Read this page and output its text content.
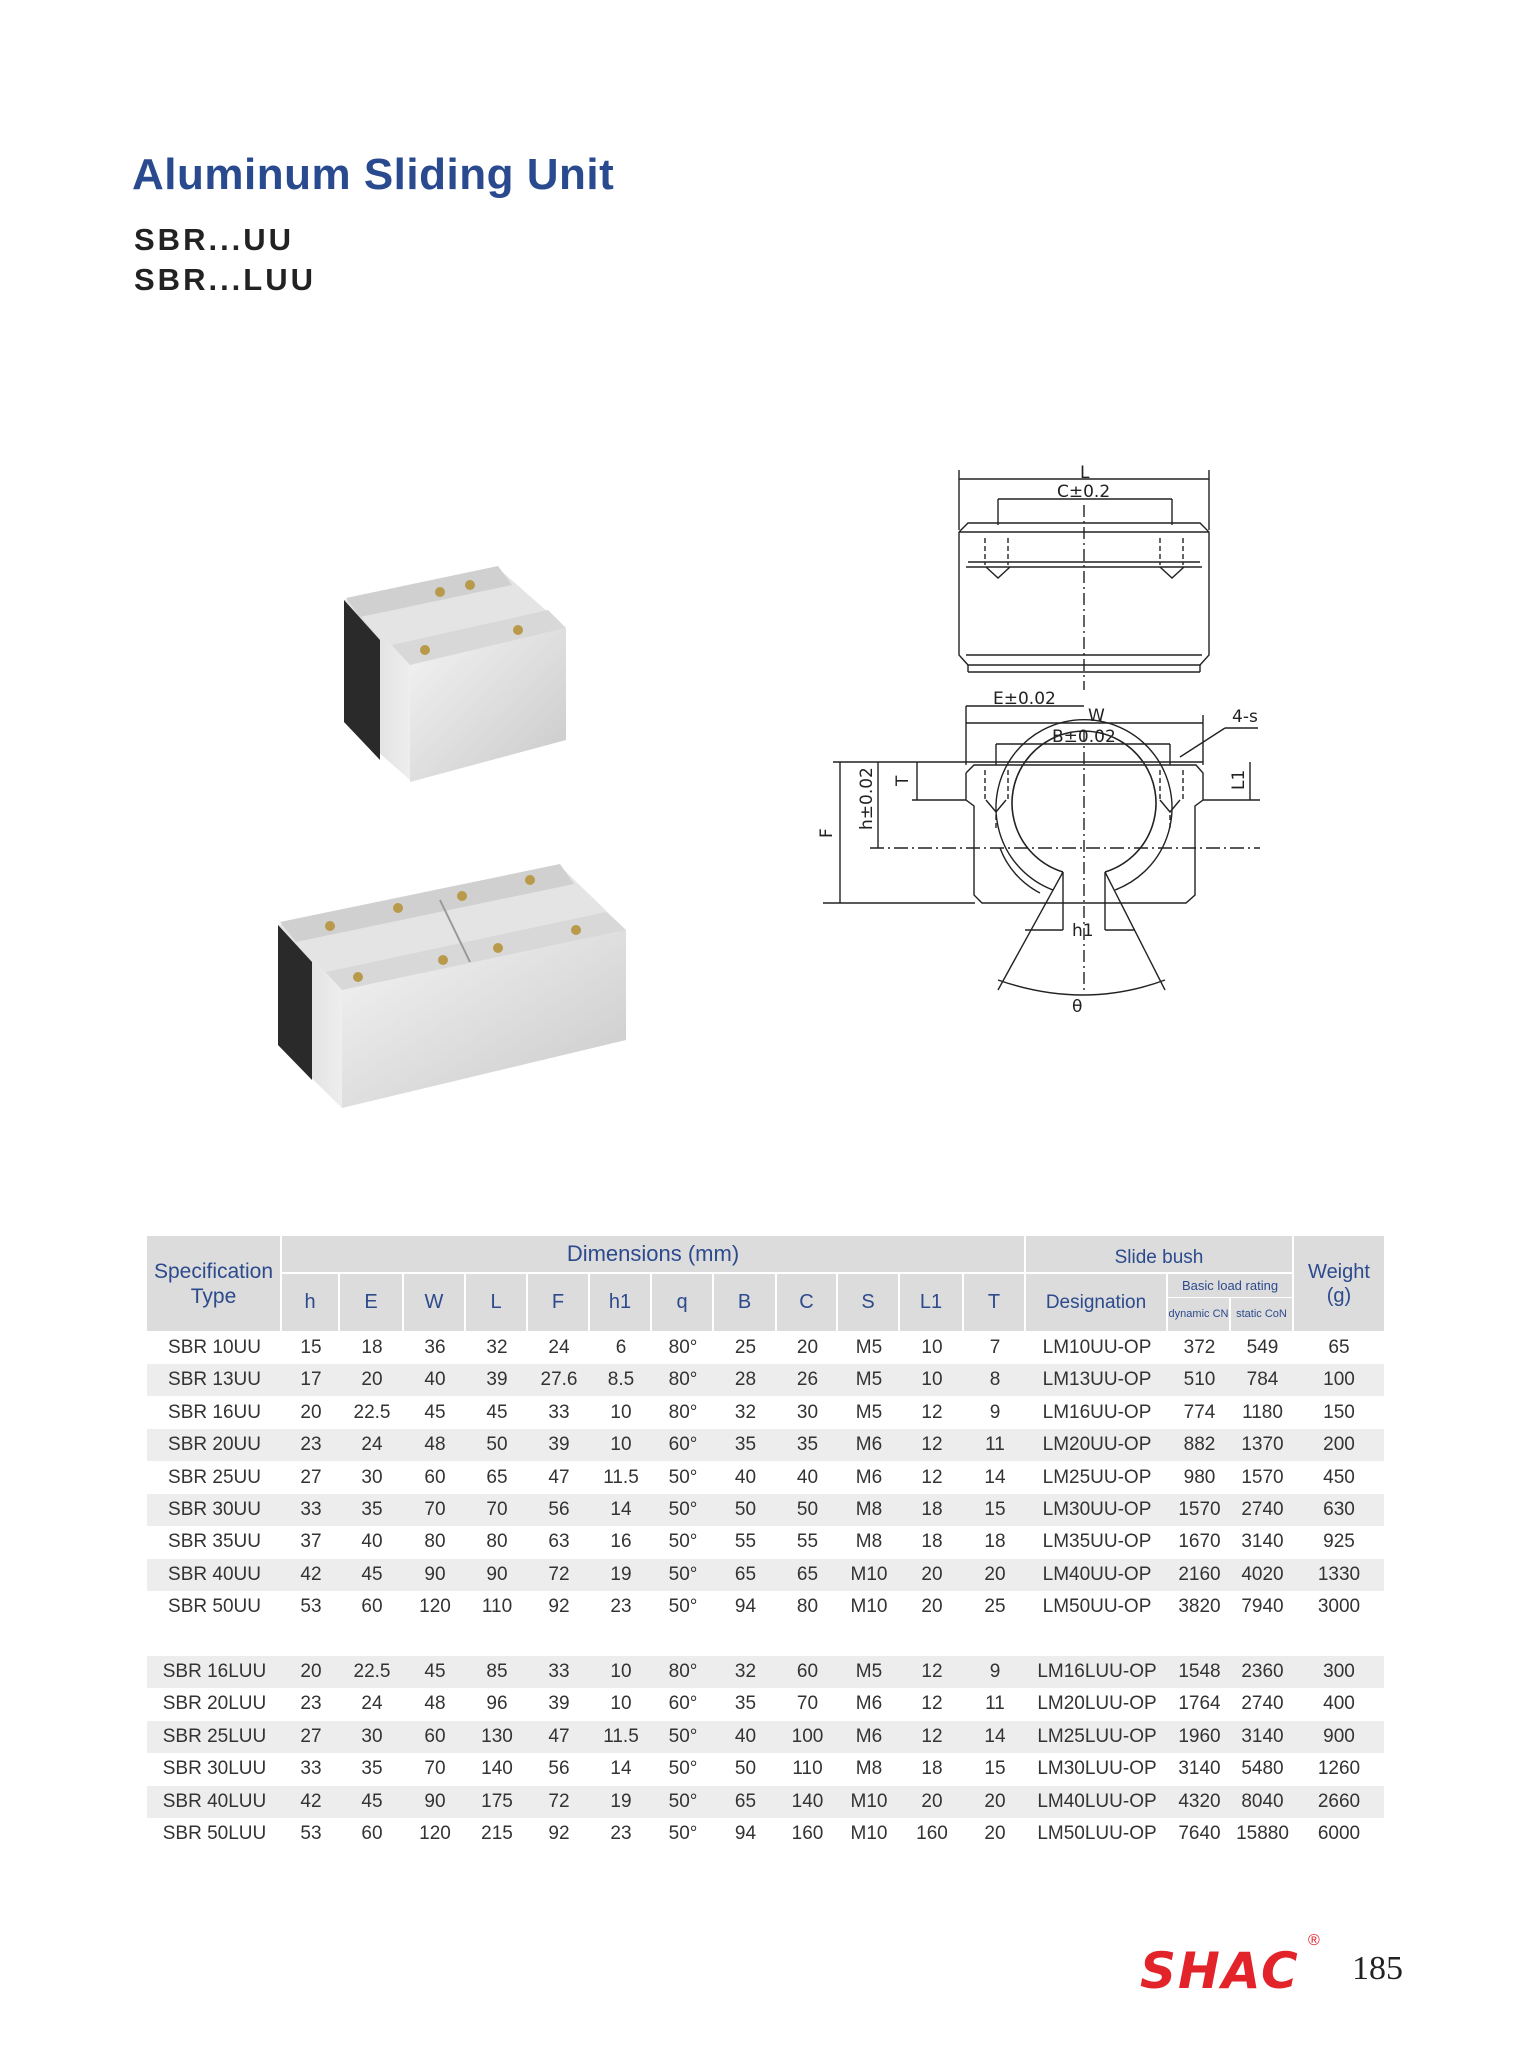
Aluminum Sliding Unit
SBR...UU
SBR...LUU
L
C±0.2
E±0.02
W
B±0.02
4-s
T	L1
h±0.02
F
h1
θ
Specification Type
Dimensions (mm)	Slide bush
Weight (g)
h	E	W	L	F	h1	q	B	C	S	L1	T	Designation
Basic load rating
dynamic CN static CoN
SBR 10UU	15	18	36	32	24	6	80°	25	20	M5	10	7	LM10UU-OP	372	549	65
SBR 13UU	17	20	40	39	27.6	8.5	80°	28	26	M5	10	8	LM13UU-OP	510	784	100
SBR 16UU	20	22.5	45	45	33	10	80°	32	30	M5	12	9	LM16UU-OP	774	1180	150
SBR 20UU	23	24	48	50	39	10	60°	35	35	M6	12	11	LM20UU-OP	882	1370	200
SBR 25UU	27	30	60	65	47	11.5	50°	40	40	M6	12	14	LM25UU-OP	980	1570	450
SBR 30UU	33	35	70	70	56	14	50°	50	50	M8	18	15	LM30UU-OP	1570	2740	630
SBR 35UU	37	40	80	80	63	16	50°	55	55	M8	18	18	LM35UU-OP	1670	3140	925
SBR 40UU	42	45	90	90	72	19	50°	65	65	M10	20	20	LM40UU-OP	2160	4020	1330
SBR 50UU	53	60	120	110	92	23	50°	94	80	M10	20	25	LM50UU-OP	3820	7940	3000
SBR 16LUU	20	22.5	45	85	33	10	80°	32	60	M5	12	9	LM16LUU-OP	1548	2360	300
SBR 20LUU	23	24	48	96	39	10	60°	35	70	M6	12	11	LM20LUU-OP	1764	2740	400
SBR 25LUU	27	30	60	130	47	11.5	50°	40	100	M6	12	14	LM25LUU-OP	1960	3140	900
SBR 30LUU	33	35	70	140	56	14	50°	50	110	M8	18	15	LM30LUU-OP	3140	5480	1260
SBR 40LUU	42	45	90	175	72	19	50°	65	140	M10	20	20	LM40LUU-OP	4320	8040	2660
SBR 50LUU	53	60	120	215	92	23	50°	94	160	M10	160	20	LM50LUU-OP	7640 15880	6000
SHAC
®
185
